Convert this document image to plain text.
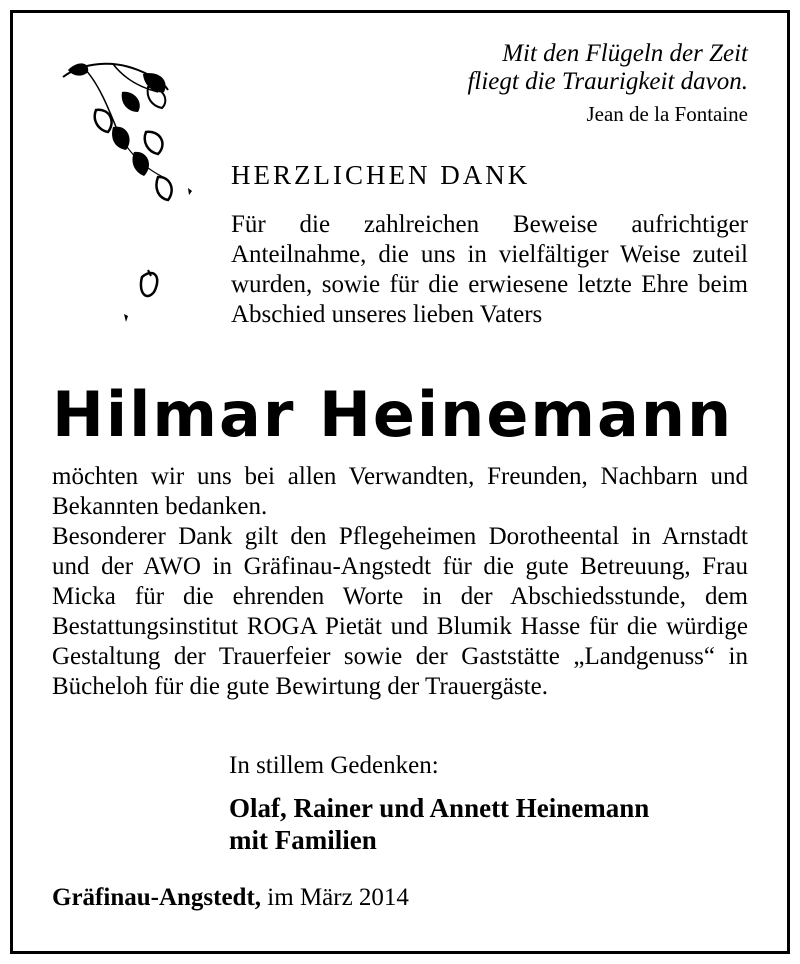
Mit den Flügeln der Zeit
fliegt die Traurigkeit davon.
Jean de la Fontaine
HERZLICHEN DANK
Für die zahlreichen Beweise aufrichtiger Anteilnahme, die uns in vielfältiger Weise zuteil wurden, sowie für die erwiesene letzte Ehre beim Abschied unseres lieben Vaters
Hilmar Heinemann

möchten wir uns bei allen Verwandten, Freunden, Nachbarn und Bekannten bedanken.

Besonderer Dank gilt den Pflegeheimen Dorotheental in Arnstadt und der AWO in Gräfinau-Angstedt für die gute Betreuung, Frau Micka für die ehrenden Worte in der Abschiedsstunde, dem Bestattungsinstitut ROGA Pietät und Blumik Hasse für die würdige Gestaltung der Trauerfeier sowie der Gaststätte „Landgenuss“ in Bücheloh für die gute Bewirtung der Trauergäste.

In stillem Gedenken:
Olaf, Rainer und Annett Heinemann
mit Familien
Gräfinau-Angstedt, im März 2014
